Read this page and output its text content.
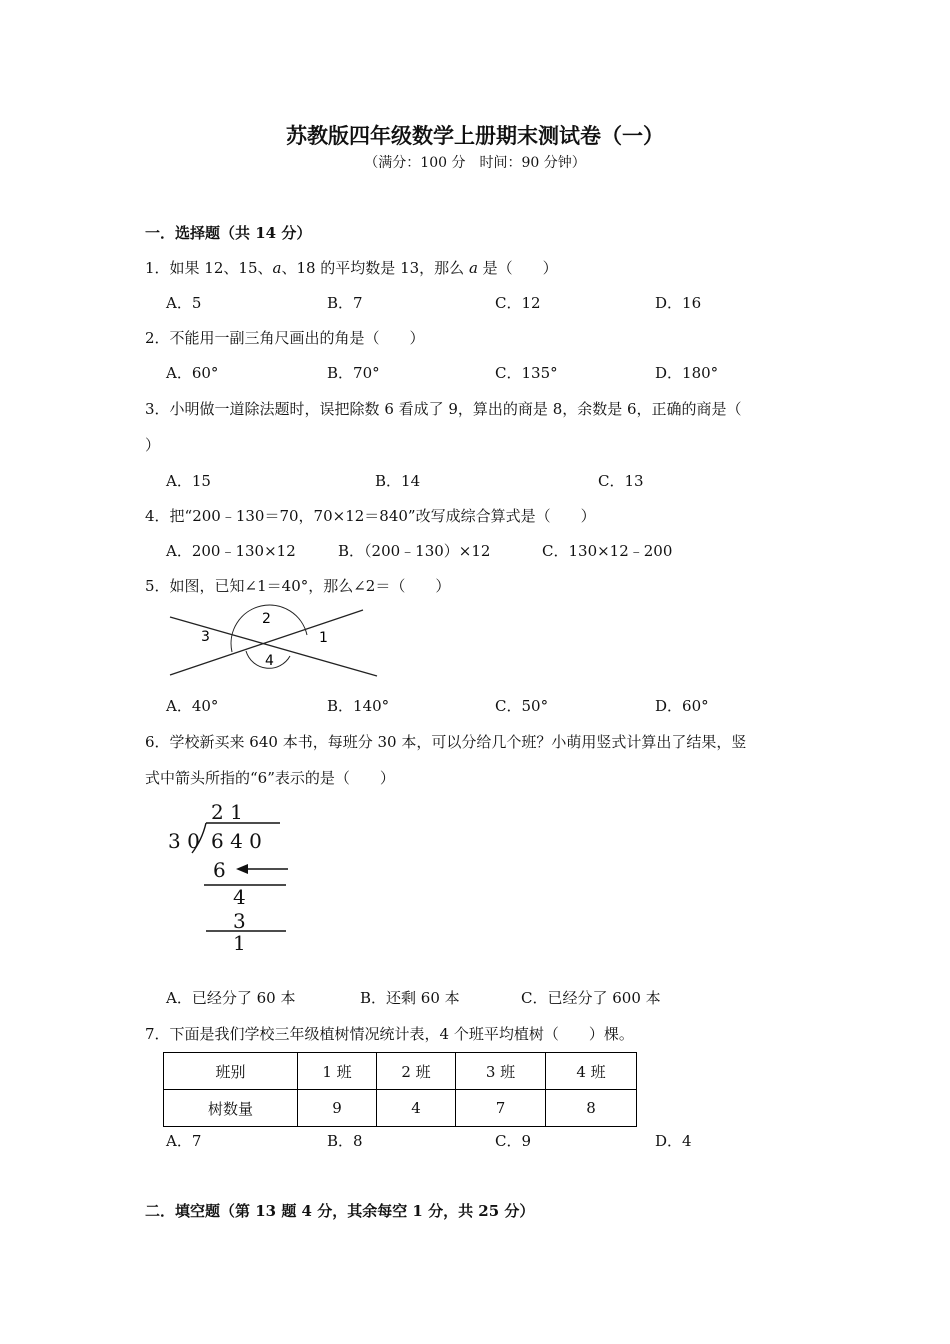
苏教版四年级数学上册期末测试卷（一）
（满分：100 分　时间：90 分钟）
一．选择题（共 14 分）
1．如果 12、15、a、18 的平均数是 13，那么 a 是（　　）
A．5	B．7	C．12	D．16
2．不能用一副三角尺画出的角是（　　）
A．60°	B．70°	C．135°	D．180°
3．小明做一道除法题时，误把除数 6 看成了 9，算出的商是 8，余数是 6，正确的商是（
）
A．15	B．14	C．13
4．把“200﹣130＝70，70×12＝840”改写成综合算式是（　　）
A．200﹣130×12	B．（200﹣130）×12	C．130×12﹣200
5．如图，已知∠1＝40°，那么∠2＝（　　）
2
1
3
4
A．40°	B．140°	C．50°	D．60°
6．学校新买来 640 本书，每班分 30 本，可以分给几个班？小萌用竖式计算出了结果，竖
式中箭头所指的“6”表示的是（　　）
2 1
3 0 6 4 0
6
4
3
1
A．已经分了 60 本	B．还剩 60 本	C．已经分了 600 本
7．下面是我们学校三年级植树情况统计表，4 个班平均植树（　　）棵。
班别	1 班	2 班	3 班	4 班
树数量	9	4	7	8
A．7	B．8	C．9	D．4
二．填空题（第 13 题 4 分，其余每空 1 分，共 25 分）
